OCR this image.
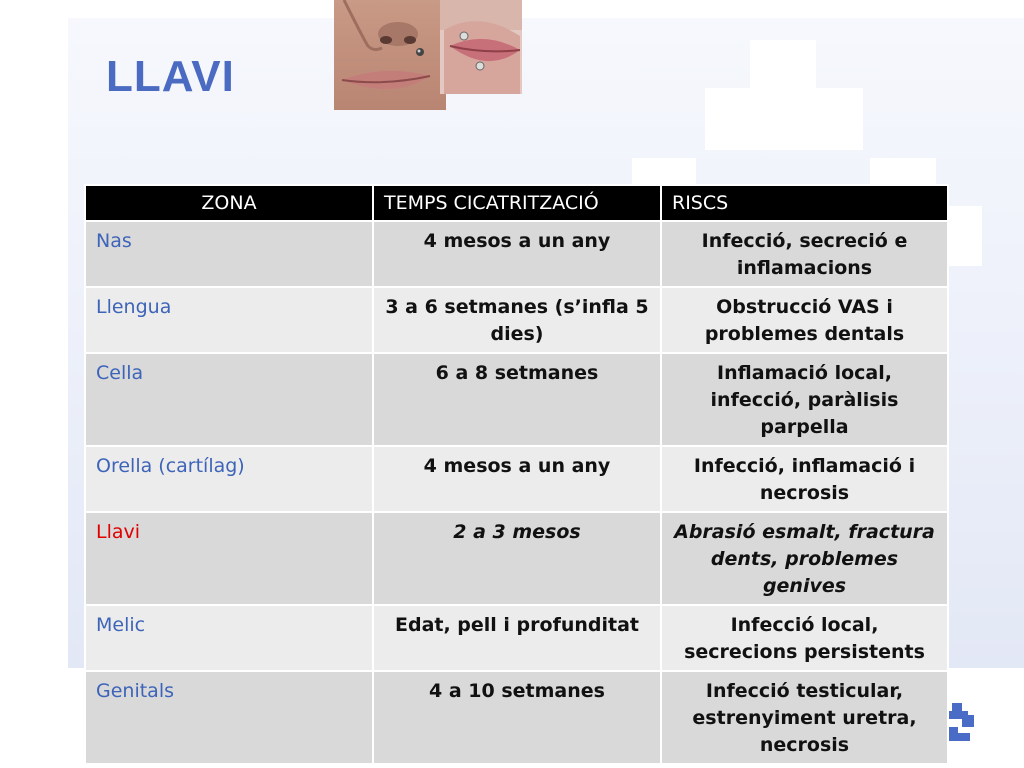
LLAVI
ZONA	TEMPS CICATRITZACIÓ	RISCS
Nas	4 mesos a un any	Infecció, secreció e inflamacions
Llengua	3 a 6 setmanes (s’infla 5 dies)	Obstrucció VAS i problemes dentals
Cella	6 a 8 setmanes	Inflamació local, infecció, paràlisis parpella
Orella (cartílag)	4 mesos a un any	Infecció, inflamació i necrosis
Llavi	2 a 3 mesos	Abrasió esmalt, fractura dents, problemes genives
Melic	Edat, pell i profunditat	Infecció local, secrecions persistents
Genitals	4 a 10 setmanes	Infecció testicular, estrenyiment uretra, necrosis
